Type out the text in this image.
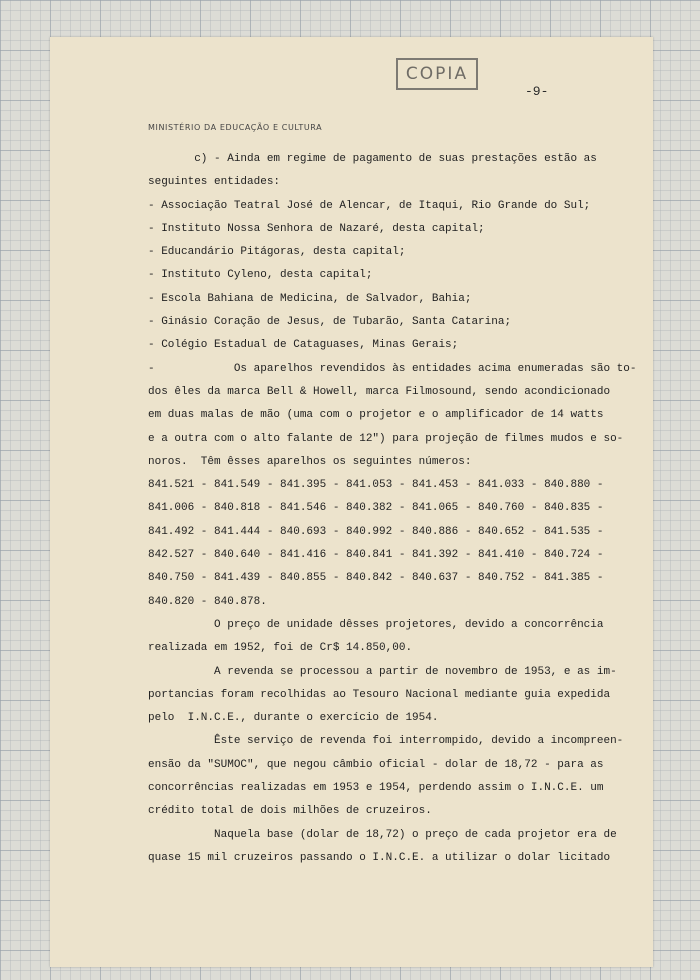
COPIA
-9-
MINISTÉRIO DA EDUCAÇÃO E CULTURA
c) - Ainda em regime de pagamento de suas prestações estão as
seguintes entidades:
- Associação Teatral José de Alencar, de Itaqui, Rio Grande do Sul;
- Instituto Nossa Senhora de Nazaré, desta capital;
- Educandário Pitágoras, desta capital;
- Instituto Cyleno, desta capital;
- Escola Bahiana de Medicina, de Salvador, Bahia;
- Ginásio Coração de Jesus, de Tubarão, Santa Catarina;
- Colégio Estadual de Cataguases, Minas Gerais;
-            Os aparelhos revendidos às entidades acima enumeradas são to-
dos êles da marca Bell & Howell, marca Filmosound, sendo acondicionado
em duas malas de mão (uma com o projetor e o amplificador de 14 watts
e a outra com o alto falante de 12") para projeção de filmes mudos e so-
noros.  Têm êsses aparelhos os seguintes números:
841.521 - 841.549 - 841.395 - 841.053 - 841.453 - 841.033 - 840.880 -
841.006 - 840.818 - 841.546 - 840.382 - 841.065 - 840.760 - 840.835 -
841.492 - 841.444 - 840.693 - 840.992 - 840.886 - 840.652 - 841.535 -
842.527 - 840.640 - 841.416 - 840.841 - 841.392 - 841.410 - 840.724 -
840.750 - 841.439 - 840.855 - 840.842 - 840.637 - 840.752 - 841.385 -
840.820 - 840.878.
O preço de unidade dêsses projetores, devido a concorrência
realizada em 1952, foi de Cr$ 14.850,00.
A revenda se processou a partir de novembro de 1953, e as im-
portancias foram recolhidas ao Tesouro Nacional mediante guia expedida
pelo  I.N.C.E., durante o exercício de 1954.
Êste serviço de revenda foi interrompido, devido a incompreen-
ensão da "SUMOC", que negou câmbio oficial - dolar de 18,72 - para as
concorrências realizadas em 1953 e 1954, perdendo assim o I.N.C.E. um
crédito total de dois milhões de cruzeiros.
Naquela base (dolar de 18,72) o preço de cada projetor era de
quase 15 mil cruzeiros passando o I.N.C.E. a utilizar o dolar licitado
